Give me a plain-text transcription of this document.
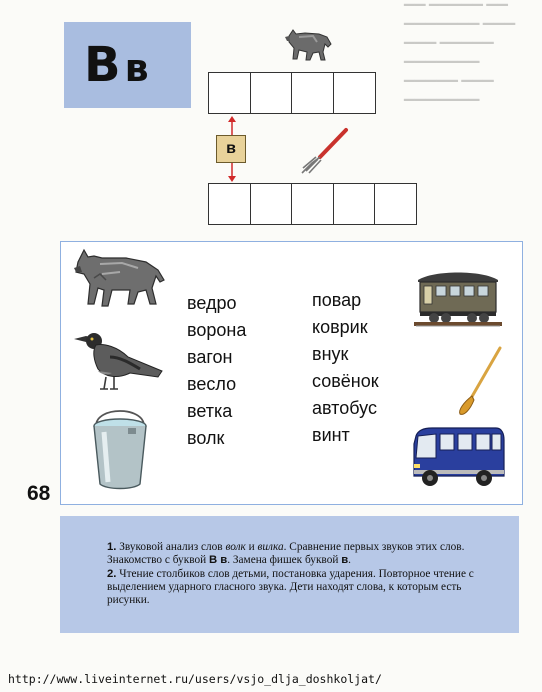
▔▔ ▔▔▔▔▔ ▔▔
▔▔▔▔▔▔▔ ▔▔▔
▔▔▔ ▔▔▔▔▔
▔▔▔▔▔▔▔
▔▔▔▔▔ ▔▔▔
▔▔▔▔▔▔▔
Вв
в
ведро
ворона
вагон
весло
ветка
волк
повар
коврик
внук
совёнок
автобус
винт
68

1. Звуковой анализ слов волк и вилка. Сравнение первых звуков этих слов. Знакомство с буквой В в. Замена фишек буквой в.

2. Чтение столбиков слов детьми, постановка ударения. Повторное чтение с выделением ударного гласного звука. Дети находят слова, к которым есть рисунки.

http://www.liveinternet.ru/users/vsjo_dlja_doshkoljat/
